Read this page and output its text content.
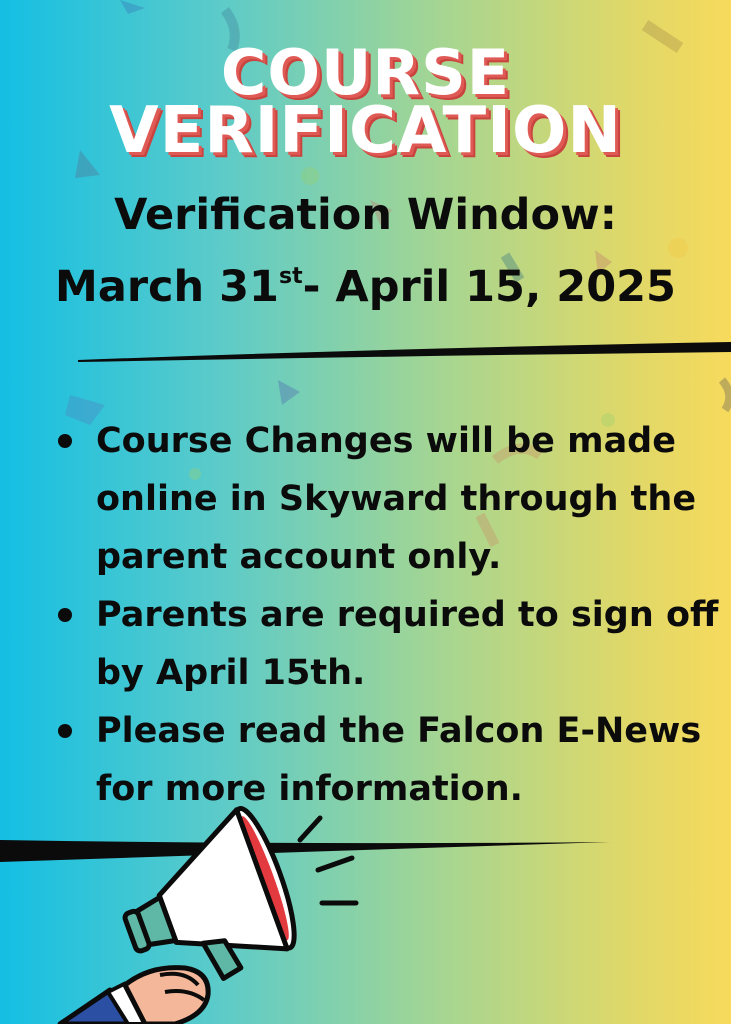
COURSE
VERIFICATION
Verification Window:
March 31st- April 15, 2025
Course Changes will be made online in Skyward through the parent account only.
Parents are required to sign off by April 15th.
Please read the Falcon E-News for more information.
